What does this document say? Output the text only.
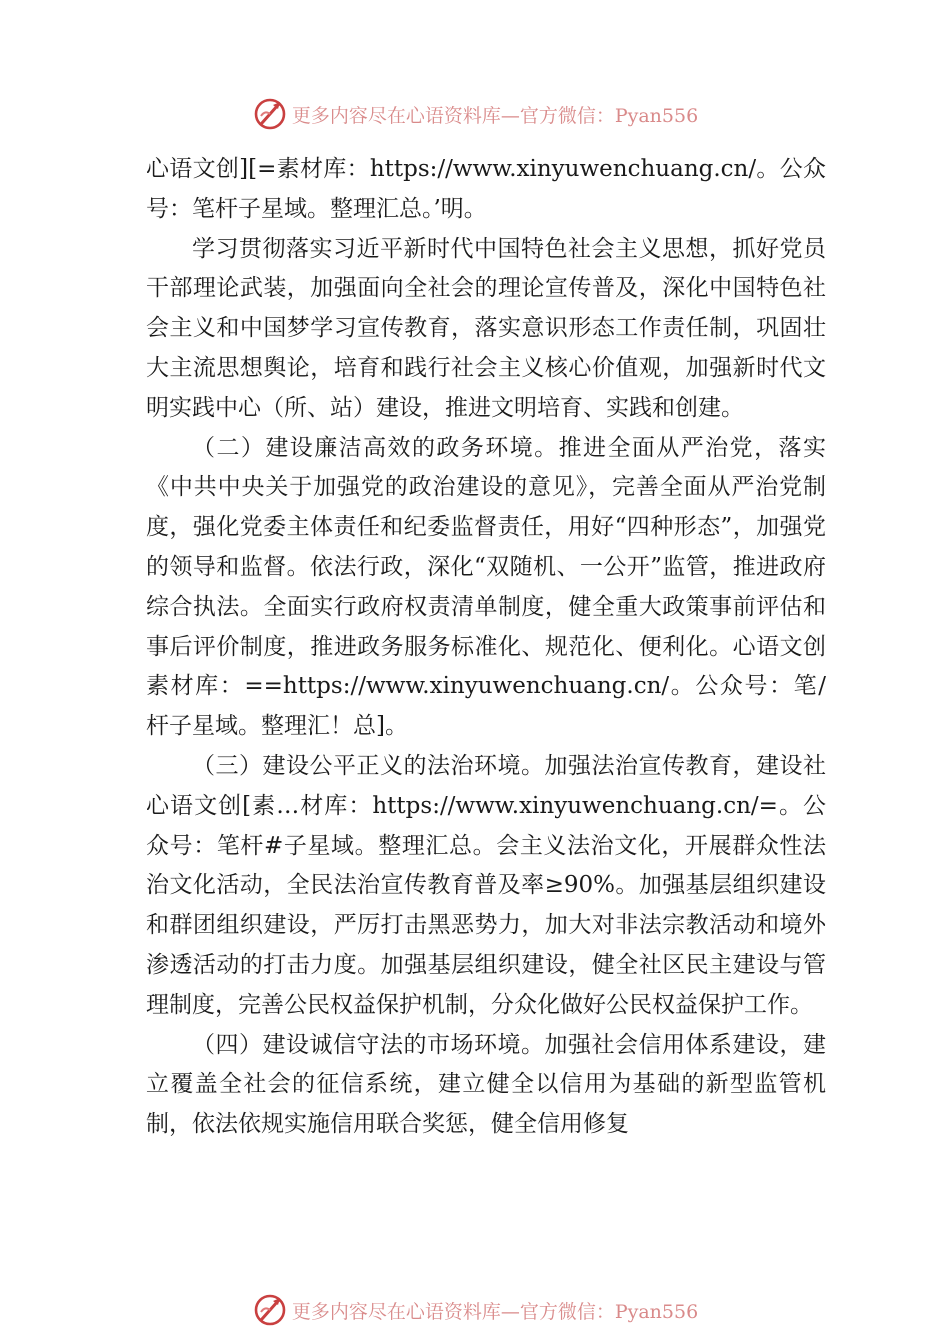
更多内容尽在心语资料库—官方微信：Pyan556

心语文创][=素材库：https://www.xinyuwenchuang.cn/。公众号：笔杆子星域。整理汇总。’明。

学习贯彻落实习近平新时代中国特色社会主义思想，抓好党员干部理论武装，加强面向全社会的理论宣传普及，深化中国特色社会主义和中国梦学习宣传教育，落实意识形态工作责任制，巩固壮大主流思想舆论，培育和践行社会主义核心价值观，加强新时代文明实践中心（所、站）建设，推进文明培育、实践和创建。

（二）建设廉洁高效的政务环境。推进全面从严治党，落实《中共中央关于加强党的政治建设的意见》，完善全面从严治党制度，强化党委主体责任和纪委监督责任，用好“四种形态”，加强党的领导和监督。依法行政，深化“双随机、一公开”监管，推进政府综合执法。全面实行政府权责清单制度，健全重大政策事前评估和事后评价制度，推进政务服务标准化、规范化、便利化。心语文创素材库：==https://www.xinyuwenchuang.cn/。公众号：笔/杆子星域。整理汇！总]。

（三）建设公平正义的法治环境。加强法治宣传教育，建设社心语文创[素…材库：https://www.xinyuwenchuang.cn/=。公众号：笔杆#子星域。整理汇总。会主义法治文化，开展群众性法治文化活动，全民法治宣传教育普及率≥90%。加强基层组织建设和群团组织建设，严厉打击黑恶势力，加大对非法宗教活动和境外渗透活动的打击力度。加强基层组织建设，健全社区民主建设与管理制度，完善公民权益保护机制，分众化做好公民权益保护工作。

（四）建设诚信守法的市场环境。加强社会信用体系建设，建立覆盖全社会的征信系统，建立健全以信用为基础的新型监管机制，依法依规实施信用联合奖惩，健全信用修复

更多内容尽在心语资料库—官方微信：Pyan556
